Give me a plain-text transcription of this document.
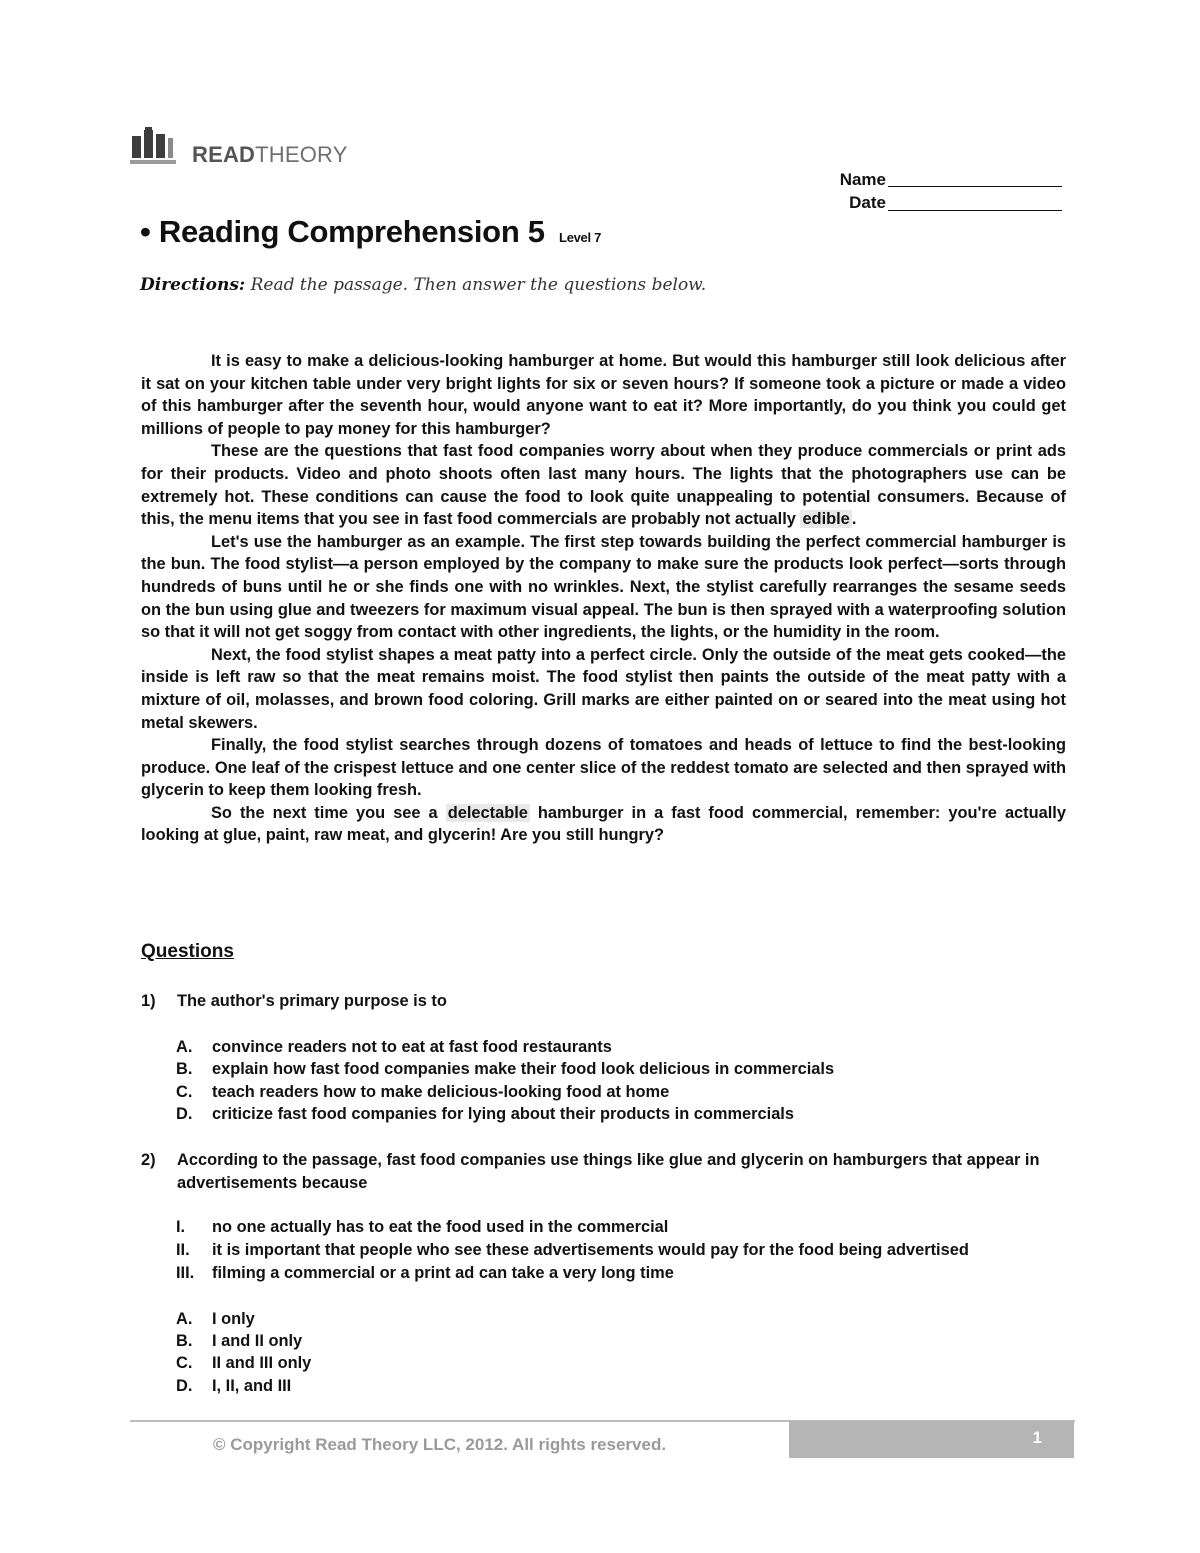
READTHEORY
Name
Date
• Reading Comprehension 5 Level 7
Directions: Read the passage. Then answer the questions below.

It is easy to make a delicious-looking hamburger at home. But would this hamburger still look delicious after it sat on your kitchen table under very bright lights for six or seven hours? If someone took a picture or made a video of this hamburger after the seventh hour, would anyone want to eat it? More importantly, do you think you could get millions of people to pay money for this hamburger?

These are the questions that fast food companies worry about when they produce commercials or print ads for their products. Video and photo shoots often last many hours. The lights that the photographers use can be extremely hot. These conditions can cause the food to look quite unappealing to potential consumers. Because of this, the menu items that you see in fast food commercials are probably not actually edible .

Let's use the hamburger as an example. The first step towards building the perfect commercial hamburger is the bun. The food stylist—a person employed by the company to make sure the products look perfect—sorts through hundreds of buns until he or she finds one with no wrinkles. Next, the stylist carefully rearranges the sesame seeds on the bun using glue and tweezers for maximum visual appeal. The bun is then sprayed with a waterproofing solution so that it will not get soggy from contact with other ingredients, the lights, or the humidity in the room.

Next, the food stylist shapes a meat patty into a perfect circle. Only the outside of the meat gets cooked—the inside is left raw so that the meat remains moist. The food stylist then paints the outside of the meat patty with a mixture of oil, molasses, and brown food coloring. Grill marks are either painted on or seared into the meat using hot metal skewers.

Finally, the food stylist searches through dozens of tomatoes and heads of lettuce to find the best-looking produce. One leaf of the crispest lettuce and one center slice of the reddest tomato are selected and then sprayed with glycerin to keep them looking fresh.

So the next time you see a delectable hamburger in a fast food commercial, remember: you're actually looking at glue, paint, raw meat, and glycerin! Are you still hungry?

Questions
1) The author's primary purpose is to
A. convince readers not to eat at fast food restaurants
B. explain how fast food companies make their food look delicious in commercials
C. teach readers how to make delicious-looking food at home
D. criticize fast food companies for lying about their products in commercials
2) According to the passage, fast food companies use things like glue and glycerin on hamburgers that appear in advertisements because
I. no one actually has to eat the food used in the commercial
II. it is important that people who see these advertisements would pay for the food being advertised
III. filming a commercial or a print ad can take a very long time
A. I only
B. I and II only
C. II and III only
D. I, II, and III
© Copyright Read Theory LLC, 2012. All rights reserved.	1
